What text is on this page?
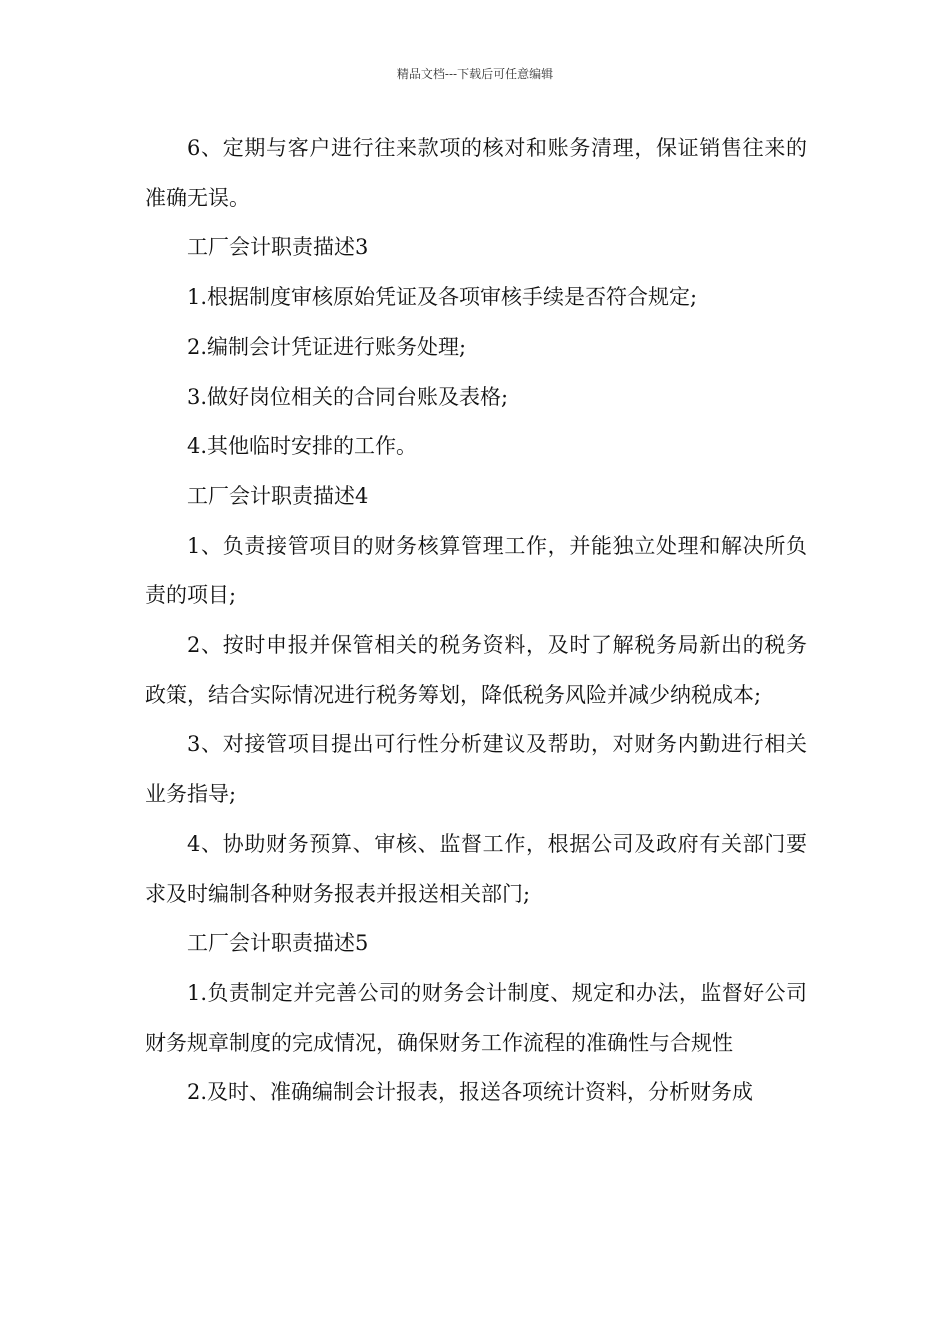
精品文档---下载后可任意编辑

6、定期与客户进行往来款项的核对和账务清理，保证销售往来的准确无误。

工厂会计职责描述3

1.根据制度审核原始凭证及各项审核手续是否符合规定;

2.编制会计凭证进行账务处理;

3.做好岗位相关的合同台账及表格;

4.其他临时安排的工作。

工厂会计职责描述4

1、负责接管项目的财务核算管理工作，并能独立处理和解决所负责的项目;

2、按时申报并保管相关的税务资料，及时了解税务局新出的税务政策，结合实际情况进行税务筹划，降低税务风险并减少纳税成本;

3、对接管项目提出可行性分析建议及帮助，对财务内勤进行相关业务指导;

4、协助财务预算、审核、监督工作，根据公司及政府有关部门要求及时编制各种财务报表并报送相关部门;

工厂会计职责描述5

1.负责制定并完善公司的财务会计制度、规定和办法，监督好公司财务规章制度的完成情况，确保财务工作流程的准确性与合规性

2.及时、准确编制会计报表，报送各项统计资料，分析财务成
